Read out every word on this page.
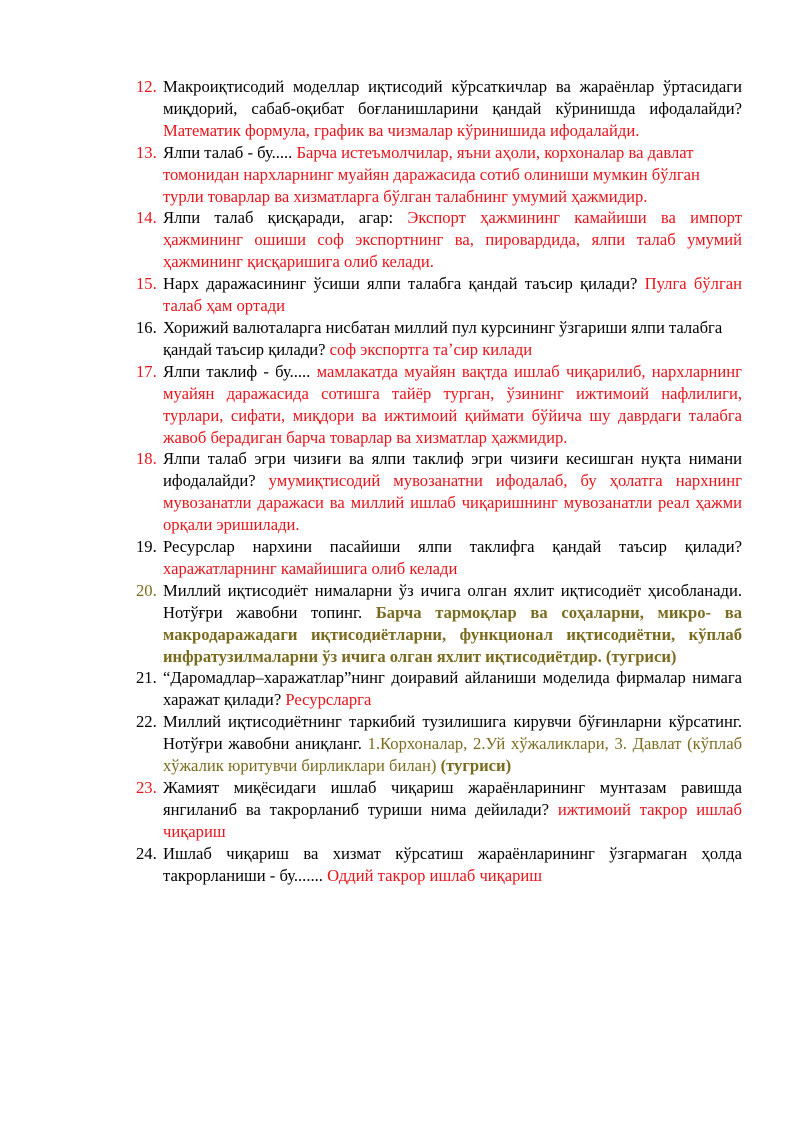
12. Макроиқтисодий моделлар иқтисодий кўрсаткичлар ва жараёнлар ўртасидаги миқдорий, сабаб-оқибат боғланишларини қандай кўринишда ифодалайди? Математик формула, график ва чизмалар кўринишида ифодалайди.
13. Ялпи талаб - бу..... Барча истеъмолчилар, яъни аҳоли, корхоналар ва давлат томонидан нархларнинг муайян даражасида сотиб олиниши мумкин бўлган турли товарлар ва хизматларга бўлган талабнинг умумий ҳажмидир.
14. Ялпи талаб қисқаради, агар: Экспорт ҳажмининг камайиши ва импорт ҳажмининг ошиши соф экспортнинг ва, пировардида, ялпи талаб умумий ҳажмининг қисқаришига олиб келади.
15. Нарх даражасининг ўсиши ялпи талабга қандай таъсир қилади? Пулга бўлган талаб ҳам ортади
16. Хорижий валюталарга нисбатан миллий пул курсининг ўзгариши ялпи талабга қандай таъсир қилади? соф экспортга таʼсир килади
17. Ялпи таклиф - бу..... мамлакатда муайян вақтда ишлаб чиқарилиб, нархларнинг муайян даражасида сотишга тайёр турган, ўзининг ижтимоий нафлилиги, турлари, сифати, миқдори ва ижтимоий қиймати бўйича шу даврдаги талабга жавоб берадиган барча товарлар ва хизматлар ҳажмидир.
18. Ялпи талаб эгри чизиғи ва ялпи таклиф эгри чизиғи кесишган нуқта нимани ифодалайди? умумиқтисодий мувозанатни ифодалаб, бу ҳолатга нархнинг мувозанатли даражаси ва миллий ишлаб чиқаришнинг мувозанатли реал ҳажми орқали эришилади.
19. Ресурслар нархини пасайиши ялпи таклифга қандай таъсир қилади? харажатларнинг камайишига олиб келади
20. Миллий иқтисодиёт нималарни ўз ичига олган яхлит иқтисодиёт ҳисобланади. Нотўғри жавобни топинг. Барча тармоқлар ва соҳаларни, микро- ва макродаражадаги иқтисодиётларни, функционал иқтисодиётни, кўплаб инфратузилмаларни ўз ичига олган яхлит иқтисодиётдир. (тугриси)
21. “Даромадлар–харажатлар”нинг доиравий айланиши моделида фирмалар нимага харажат қилади? Ресурсларга
22. Миллий иқтисодиётнинг таркибий тузилишига кирувчи бўғинларни кўрсатинг. Нотўғри жавобни аниқланг. 1.Корхоналар, 2.Уй хўжаликлари, 3. Давлат (кўплаб хўжалик юритувчи бирликлари билан) (тугриси)
23. Жамият миқёсидаги ишлаб чиқариш жараёнларининг мунтазам равишда янгиланиб ва такрорланиб туриши нима дейилади? ижтимоий такрор ишлаб чиқариш
24. Ишлаб чиқариш ва хизмат кўрсатиш жараёнларининг ўзгармаган ҳолда такрорланиши - бу....... Оддий такрор ишлаб чиқариш
